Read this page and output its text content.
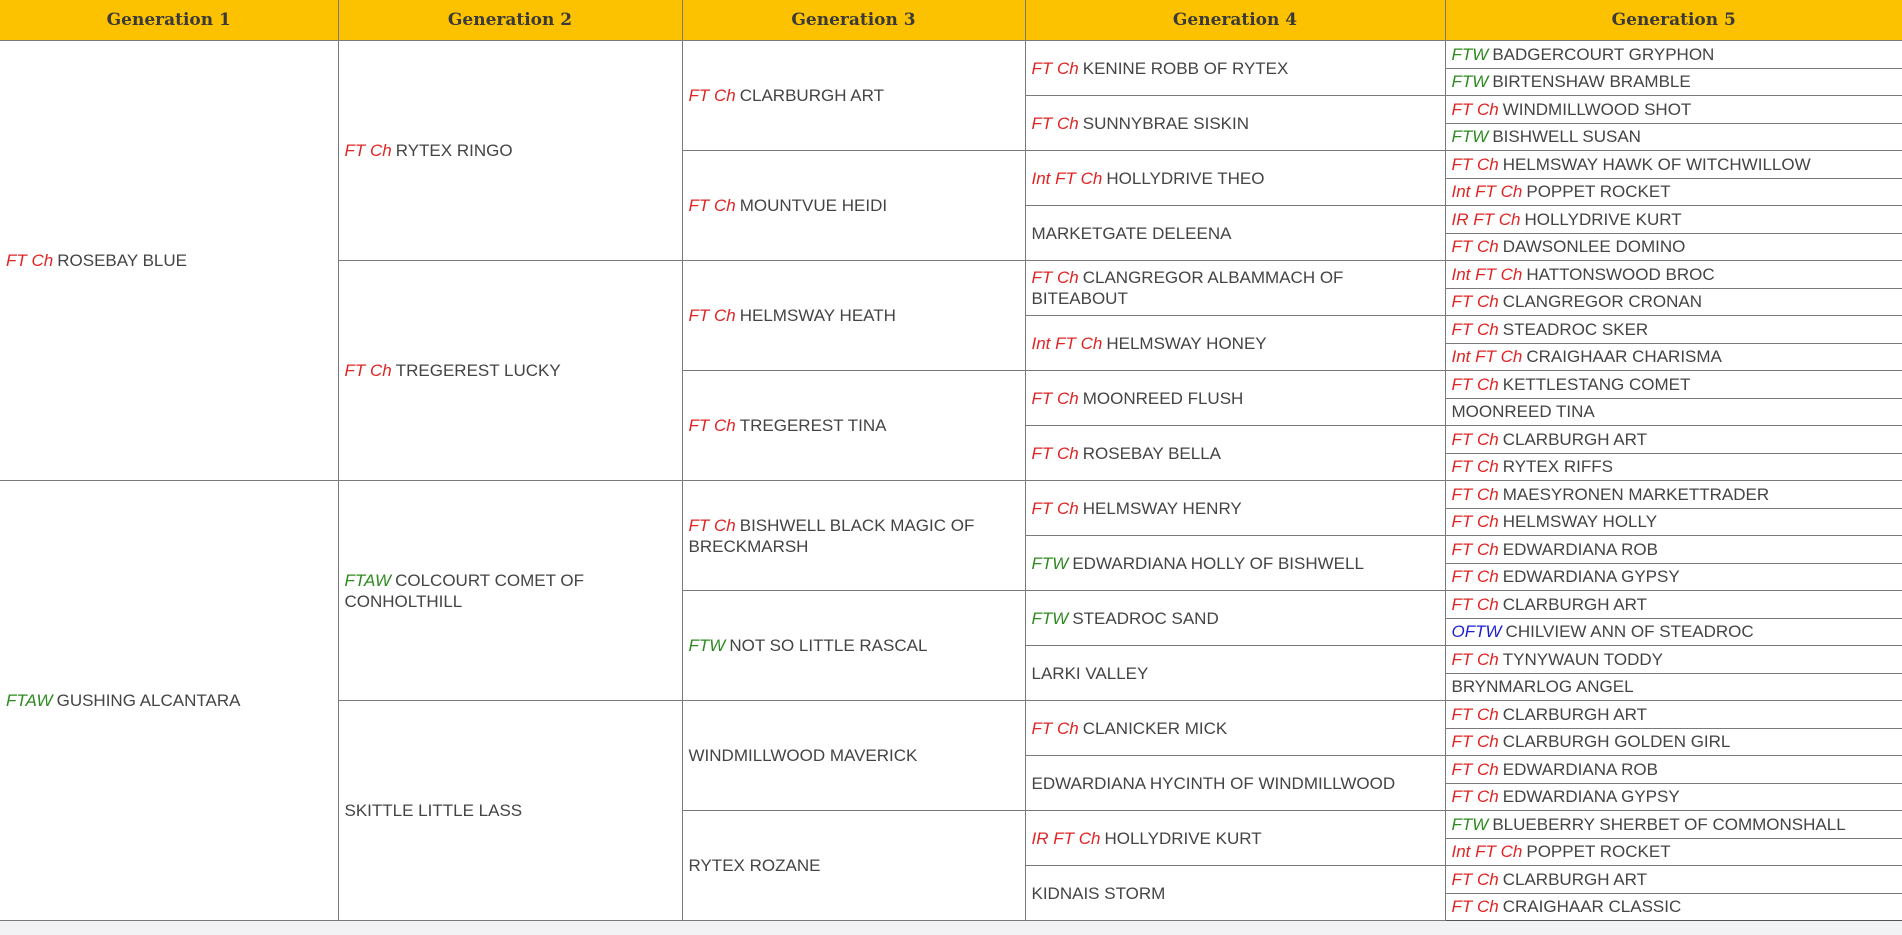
Generation 1	Generation 2	Generation 3	Generation 4	Generation 5
FT Ch ROSEBAY BLUE	FT Ch RYTEX RINGO	FT Ch CLARBURGH ART	FT Ch KENINE ROBB OF RYTEX	FTW BADGERCOURT GRYPHON
				FTW BIRTENSHAW BRAMBLE
			FT Ch SUNNYBRAE SISKIN	FT Ch WINDMILLWOOD SHOT
				FTW BISHWELL SUSAN
		FT Ch MOUNTVUE HEIDI	Int FT Ch HOLLYDRIVE THEO	FT Ch HELMSWAY HAWK OF WITCHWILLOW
				Int FT Ch POPPET ROCKET
			MARKETGATE DELEENA	IR FT Ch HOLLYDRIVE KURT
				FT Ch DAWSONLEE DOMINO
	FT Ch TREGEREST LUCKY	FT Ch HELMSWAY HEATH	FT Ch CLANGREGOR ALBAMMACH OF BITEABOUT	Int FT Ch HATTONSWOOD BROC
				FT Ch CLANGREGOR CRONAN
			Int FT Ch HELMSWAY HONEY	FT Ch STEADROC SKER
				Int FT Ch CRAIGHAAR CHARISMA
		FT Ch TREGEREST TINA	FT Ch MOONREED FLUSH	FT Ch KETTLESTANG COMET
				MOONREED TINA
			FT Ch ROSEBAY BELLA	FT Ch CLARBURGH ART
				FT Ch RYTEX RIFFS
FTAW GUSHING ALCANTARA	FTAW COLCOURT COMET OF CONHOLTHILL	FT Ch BISHWELL BLACK MAGIC OF BRECKMARSH	FT Ch HELMSWAY HENRY	FT Ch MAESYRONEN MARKETTRADER
				FT Ch HELMSWAY HOLLY
			FTW EDWARDIANA HOLLY OF BISHWELL	FT Ch EDWARDIANA ROB
				FT Ch EDWARDIANA GYPSY
		FTW NOT SO LITTLE RASCAL	FTW STEADROC SAND	FT Ch CLARBURGH ART
				OFTW CHILVIEW ANN OF STEADROC
			LARKI VALLEY	FT Ch TYNYWAUN TODDY
				BRYNMARLOG ANGEL
	SKITTLE LITTLE LASS	WINDMILLWOOD MAVERICK	FT Ch CLANICKER MICK	FT Ch CLARBURGH ART
				FT Ch CLARBURGH GOLDEN GIRL
			EDWARDIANA HYCINTH OF WINDMILLWOOD	FT Ch EDWARDIANA ROB
				FT Ch EDWARDIANA GYPSY
		RYTEX ROZANE	IR FT Ch HOLLYDRIVE KURT	FTW BLUEBERRY SHERBET OF COMMONSHALL
				Int FT Ch POPPET ROCKET
			KIDNAIS STORM	FT Ch CLARBURGH ART
				FT Ch CRAIGHAAR CLASSIC
